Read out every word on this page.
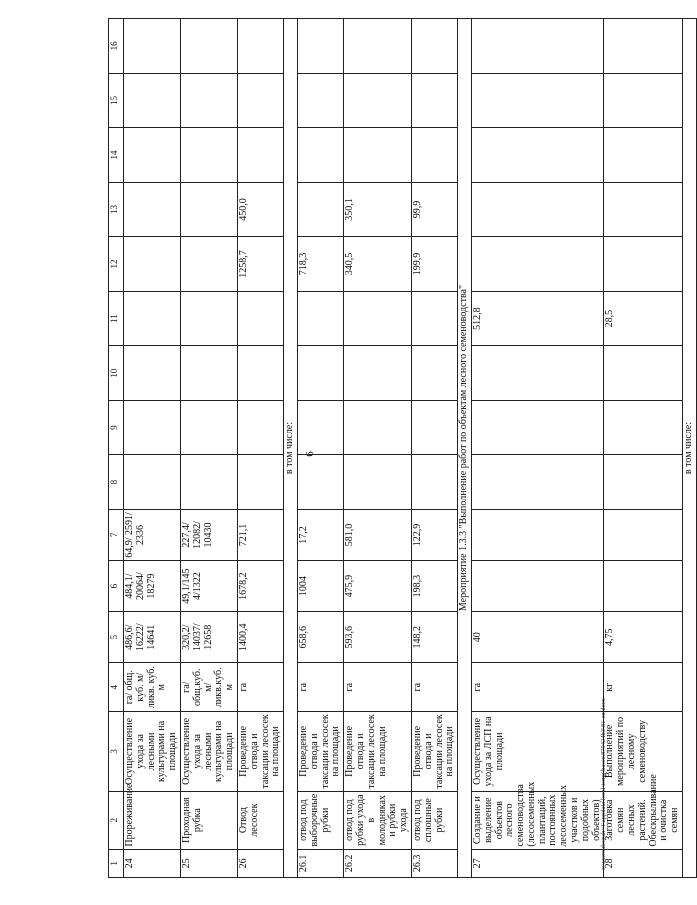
6
c:\users\deorah~1\appdata\local\temp\bases\879424b3\81-en.docx
1	2	3	4	5	6	7	8	9	10	11	12	13	14	15	16
24	Прореживание	Осуществление ухода за лесными культурами на площади	га/ общ. куб. м/ ликв. куб. м	486,6/ 16222/ 14641	484,1/ 20064/ 18279	64,9/ 2591/ 2336									
25	Проходная рубка	Осуществление ухода за лесными культурами на площади	га/ общ.куб. м/ ликв.куб. м	320,2/ 14037/ 12658	49,1/145 4/1322	227,4/ 12082/ 10430									
26	Отвод лесосек	Проведение отвода и таксации лесосек на площади	га	1400,4	1678,2	721,1					1258,7	450,0			
в том числе:															
26.1	отвод под выборочные рубки	Проведение отвода и таксации лесосек на площади	га	658,6	1004	17,2					718,3				
26.2	отвод под рубки ухода в молодняках и рубки ухода	Проведение отвода и таксации лесосек на площади	га	593,6	475,9	581,0					340,5	350,1			
26.3	отвод под сплошные рубки	Проведение отвода и таксации лесосек на площади	га	148,2	198,3	122,9					199,9	99,9			
Мероприятие 1.3.3 "Выполнение работ по объектам лесного семеноводства"															
27	Создание и выделение объектов лесного семеноводства (лесосеменных плантаций, постоянных лесосеменных участков и подобных объектов)	Осуществление ухода за ЛСП на площади	га	40						512,8					
28	Заготовка семян лесных растений. Обескрыливание и очистка семян	Выполнение мероприятий по лесному семеноводству	кг	4,75						28,5					
в том числе:															
